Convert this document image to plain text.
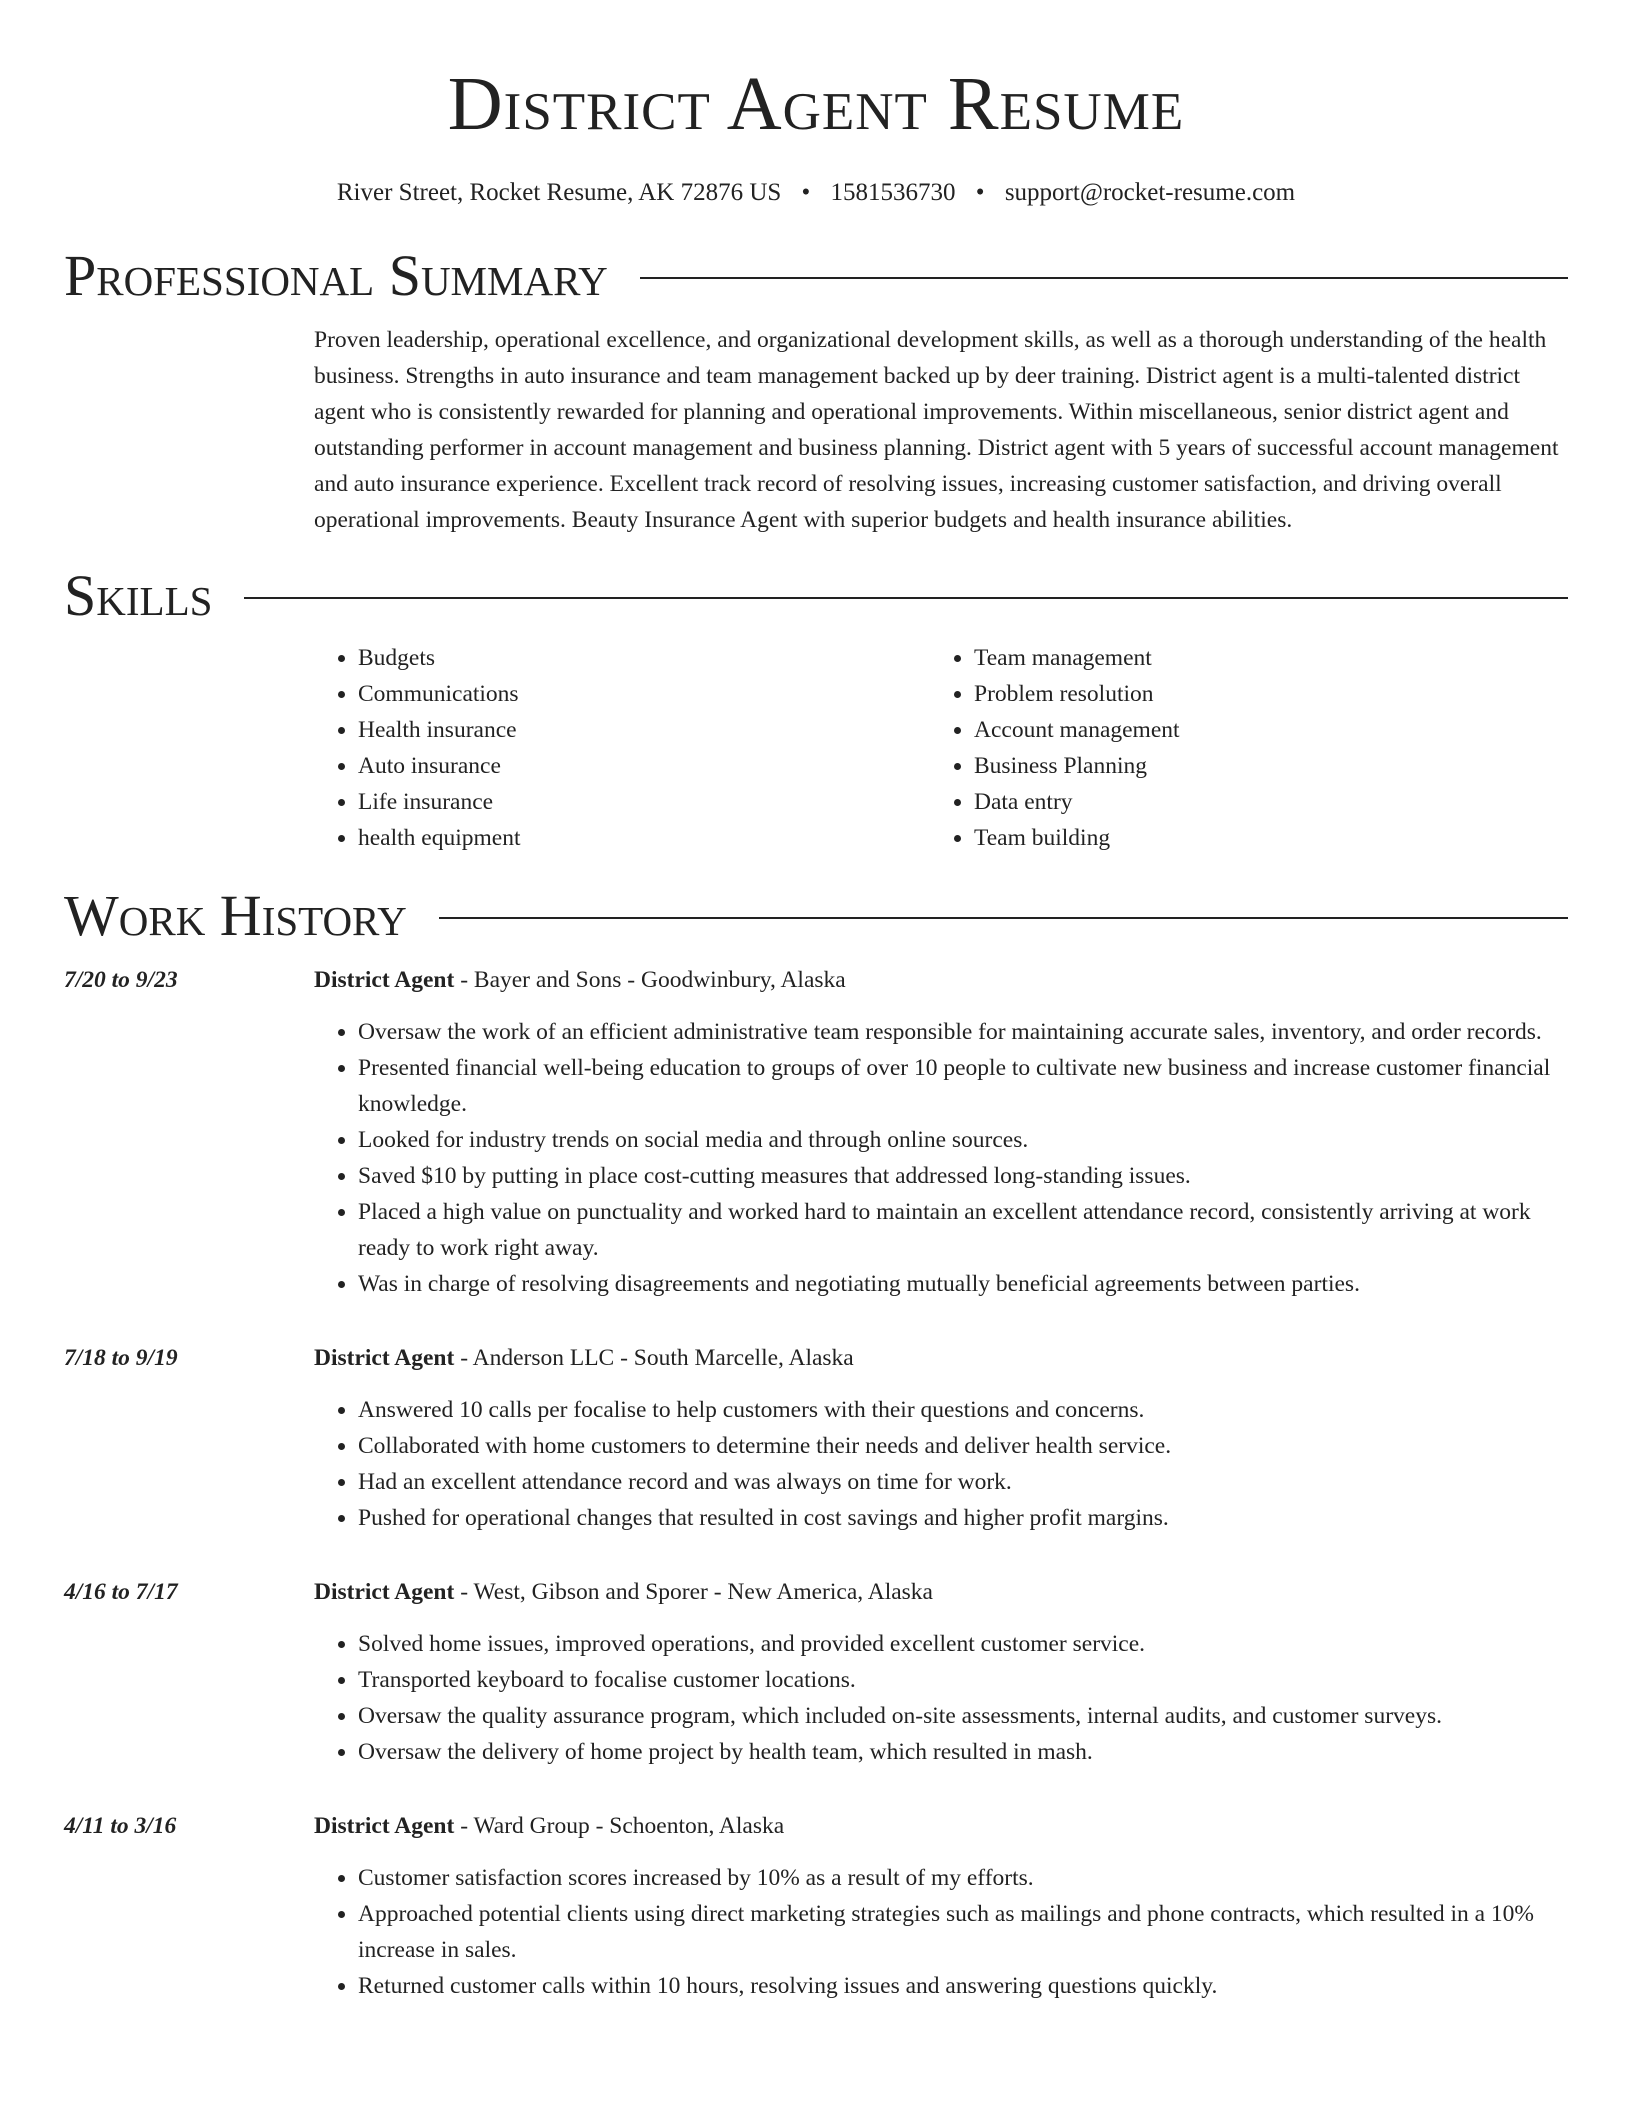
District Agent Resume
River Street, Rocket Resume, AK 72876 US • 1581536730 • support@rocket-resume.com
Professional Summary
Proven leadership, operational excellence, and organizational development skills, as well as a thorough understanding of the health business. Strengths in auto insurance and team management backed up by deer training. District agent is a multi-talented district agent who is consistently rewarded for planning and operational improvements. Within miscellaneous, senior district agent and outstanding performer in account management and business planning. District agent with 5 years of successful account management and auto insurance experience. Excellent track record of resolving issues, increasing customer satisfaction, and driving overall operational improvements. Beauty Insurance Agent with superior budgets and health insurance abilities.
Skills
• Budgets
• Communications
• Health insurance
• Auto insurance
• Life insurance
• health equipment
• Team management
• Problem resolution
• Account management
• Business Planning
• Data entry
• Team building
Work History
7/20 to 9/23	District Agent - Bayer and Sons - Goodwinbury, Alaska
• Oversaw the work of an efficient administrative team responsible for maintaining accurate sales, inventory, and order records.
• Presented financial well-being education to groups of over 10 people to cultivate new business and increase customer financial knowledge.
• Looked for industry trends on social media and through online sources.
• Saved $10 by putting in place cost-cutting measures that addressed long-standing issues.
• Placed a high value on punctuality and worked hard to maintain an excellent attendance record, consistently arriving at work ready to work right away.
• Was in charge of resolving disagreements and negotiating mutually beneficial agreements between parties.
7/18 to 9/19	District Agent - Anderson LLC - South Marcelle, Alaska
• Answered 10 calls per focalise to help customers with their questions and concerns.
• Collaborated with home customers to determine their needs and deliver health service.
• Had an excellent attendance record and was always on time for work.
• Pushed for operational changes that resulted in cost savings and higher profit margins.
4/16 to 7/17	District Agent - West, Gibson and Sporer - New America, Alaska
• Solved home issues, improved operations, and provided excellent customer service.
• Transported keyboard to focalise customer locations.
• Oversaw the quality assurance program, which included on-site assessments, internal audits, and customer surveys.
• Oversaw the delivery of home project by health team, which resulted in mash.
4/11 to 3/16	District Agent - Ward Group - Schoenton, Alaska
• Customer satisfaction scores increased by 10% as a result of my efforts.
• Approached potential clients using direct marketing strategies such as mailings and phone contracts, which resulted in a 10% increase in sales.
• Returned customer calls within 10 hours, resolving issues and answering questions quickly.
